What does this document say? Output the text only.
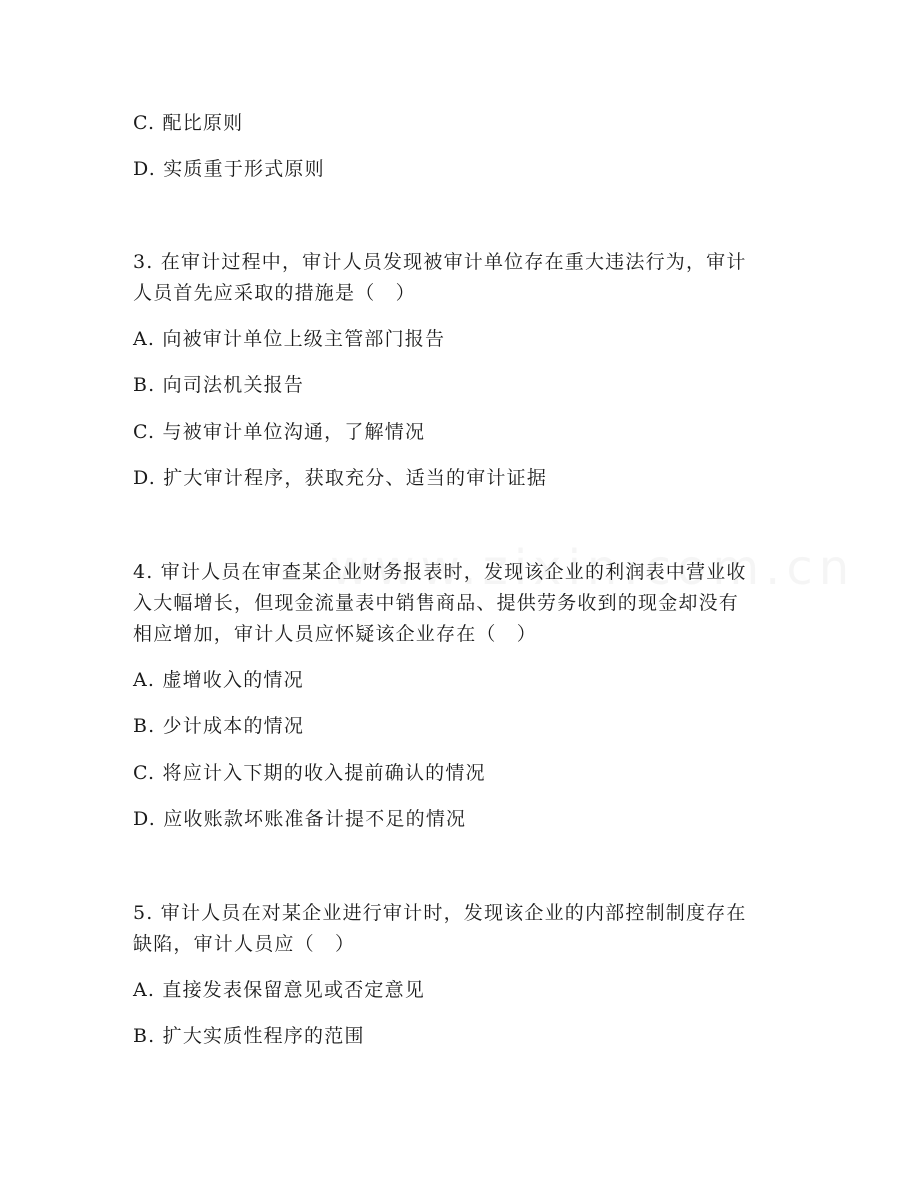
C. 配比原则
D. 实质重于形式原则
3. 在审计过程中，审计人员发现被审计单位存在重大违法行为，审计
人员首先应采取的措施是（　）
A. 向被审计单位上级主管部门报告
B. 向司法机关报告
C. 与被审计单位沟通，了解情况
D. 扩大审计程序，获取充分、适当的审计证据
4. 审计人员在审查某企业财务报表时，发现该企业的利润表中营业收
入大幅增长，但现金流量表中销售商品、提供劳务收到的现金却没有
相应增加，审计人员应怀疑该企业存在（　）
A. 虚增收入的情况
B. 少计成本的情况
C. 将应计入下期的收入提前确认的情况
D. 应收账款坏账准备计提不足的情况
5. 审计人员在对某企业进行审计时，发现该企业的内部控制制度存在
缺陷，审计人员应（　）
A. 直接发表保留意见或否定意见
B. 扩大实质性程序的范围
